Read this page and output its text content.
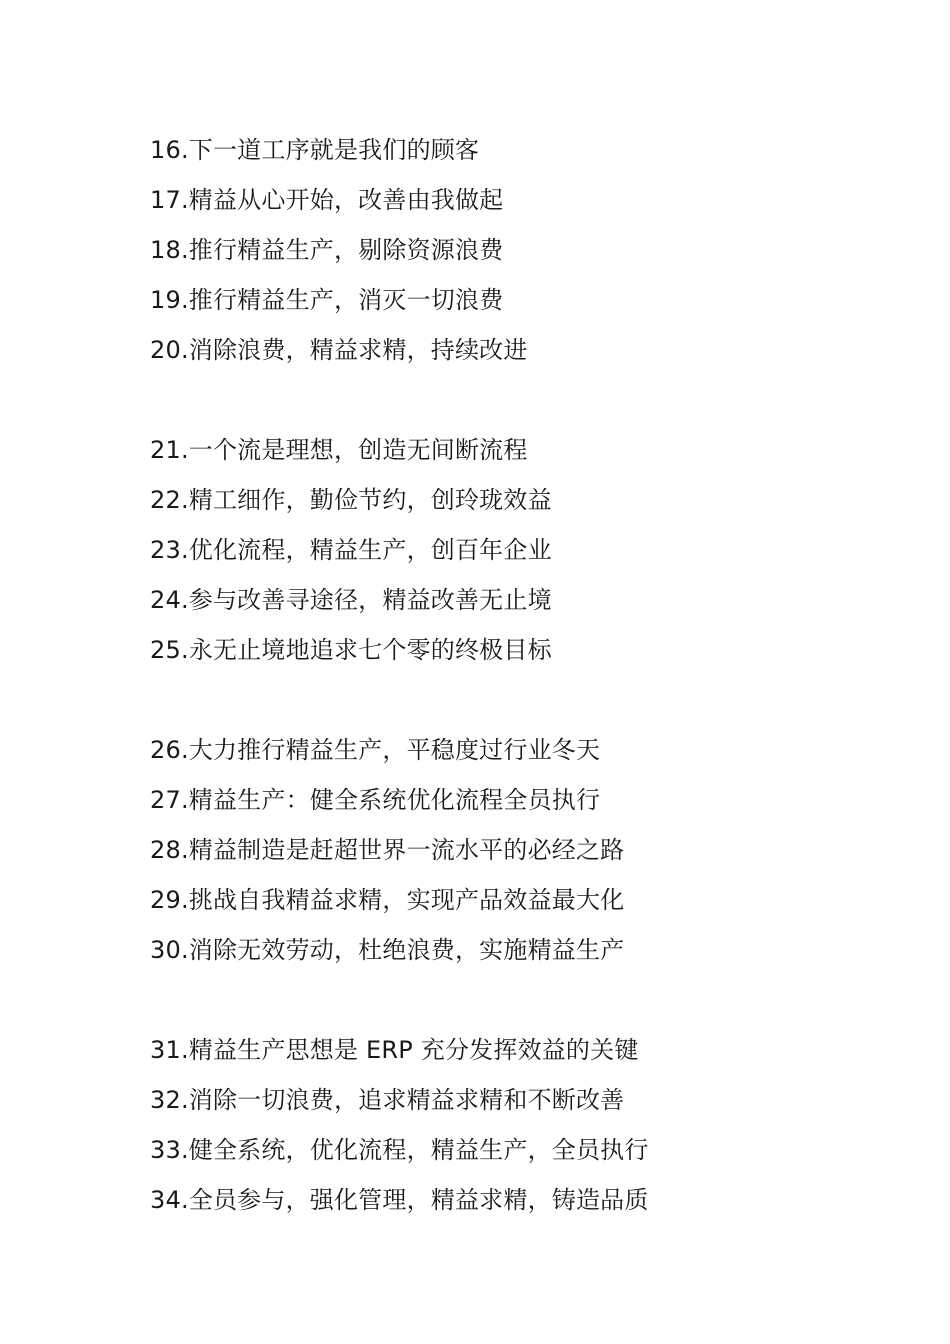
16.下一道工序就是我们的顾客
17.精益从心开始，改善由我做起
18.推行精益生产，剔除资源浪费
19.推行精益生产，消灭一切浪费
20.消除浪费，精益求精，持续改进
21.一个流是理想，创造无间断流程
22.精工细作，勤俭节约，创玲珑效益
23.优化流程，精益生产，创百年企业
24.参与改善寻途径，精益改善无止境
25.永无止境地追求七个零的终极目标
26.大力推行精益生产，平稳度过行业冬天
27.精益生产：健全系统优化流程全员执行
28.精益制造是赶超世界一流水平的必经之路
29.挑战自我精益求精，实现产品效益最大化
30.消除无效劳动，杜绝浪费，实施精益生产
31.精益生产思想是 ERP 充分发挥效益的关键
32.消除一切浪费，追求精益求精和不断改善
33.健全系统，优化流程，精益生产，全员执行
34.全员参与，强化管理，精益求精，铸造品质
